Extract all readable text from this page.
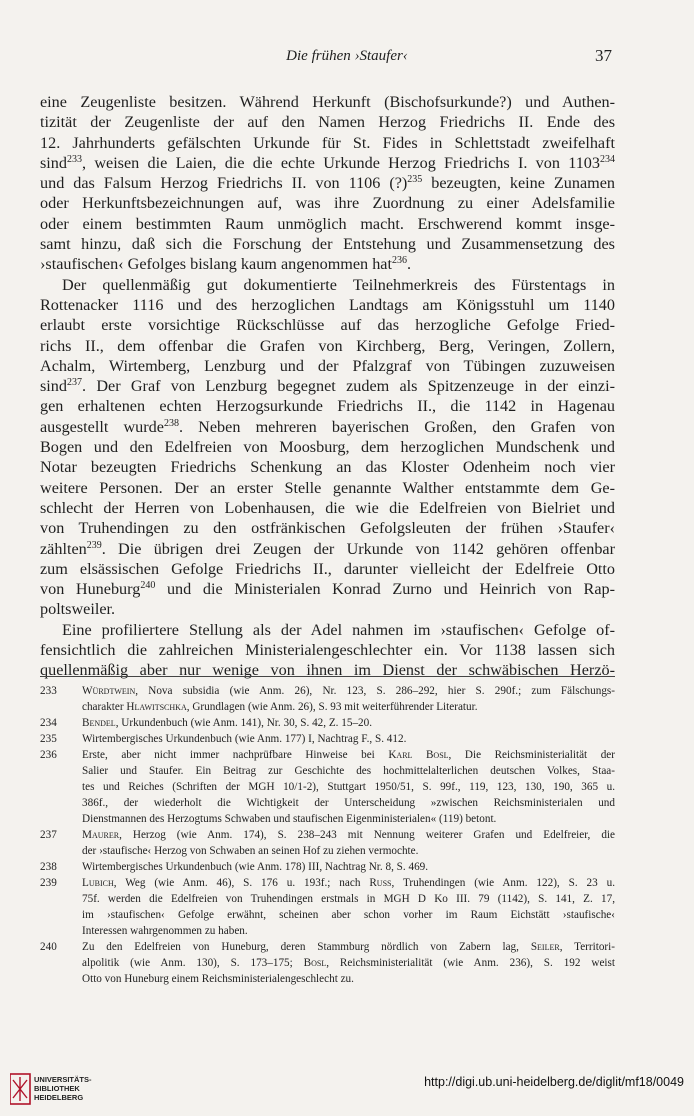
Die frühen ›Staufer‹	37
eine Zeugenliste besitzen. Während Herkunft (Bischofsurkunde?) und Authen-
tizität der Zeugenliste der auf den Namen Herzog Friedrichs II. Ende des
12. Jahrhunderts gefälschten Urkunde für St. Fides in Schlettstadt zweifelhaft
sind$^{233}$, weisen die Laien, die die echte Urkunde Herzog Friedrichs I. von 1103$^{234}$
und das Falsum Herzog Friedrichs II. von 1106 (?)$^{235}$ bezeugten, keine Zunamen
oder Herkunftsbezeichnungen auf, was ihre Zuordnung zu einer Adelsfamilie
oder einem bestimmten Raum unmöglich macht. Erschwerend kommt insge-
samt hinzu, daß sich die Forschung der Entstehung und Zusammensetzung des
›staufischen‹ Gefolges bislang kaum angenommen hat$^{236}$.
Der quellenmäßig gut dokumentierte Teilnehmerkreis des Fürstentags in
Rottenacker 1116 und des herzoglichen Landtags am Königsstuhl um 1140
erlaubt erste vorsichtige Rückschlüsse auf das herzogliche Gefolge Fried-
richs II., dem offenbar die Grafen von Kirchberg, Berg, Veringen, Zollern,
Achalm, Wirtemberg, Lenzburg und der Pfalzgraf von Tübingen zuzuweisen
sind$^{237}$. Der Graf von Lenzburg begegnet zudem als Spitzenzeuge in der einzi-
gen erhaltenen echten Herzogsurkunde Friedrichs II., die 1142 in Hagenau
ausgestellt wurde$^{238}$. Neben mehreren bayerischen Großen, den Grafen von
Bogen und den Edelfreien von Moosburg, dem herzoglichen Mundschenk und
Notar bezeugten Friedrichs Schenkung an das Kloster Odenheim noch vier
weitere Personen. Der an erster Stelle genannte Walther entstammte dem Ge-
schlecht der Herren von Lobenhausen, die wie die Edelfreien von Bielriet und
von Truhendingen zu den ostfränkischen Gefolgsleuten der frühen ›Staufer‹
zählten$^{239}$. Die übrigen drei Zeugen der Urkunde von 1142 gehören offenbar
zum elsässischen Gefolge Friedrichs II., darunter vielleicht der Edelfreie Otto
von Huneburg$^{240}$ und die Ministerialen Konrad Zurno und Heinrich von Rap-
poltsweiler.
Eine profiliertere Stellung als der Adel nahmen im ›staufischen‹ Gefolge of-
fensichtlich die zahlreichen Ministerialengeschlechter ein. Vor 1138 lassen sich
quellenmäßig aber nur wenige von ihnen im Dienst der schwäbischen Herzö-
233 Würdtwein, Nova subsidia (wie Anm. 26), Nr. 123, S. 286–292, hier S. 290f.; zum Fälschungs-
charakter Hlawitschka, Grundlagen (wie Anm. 26), S. 93 mit weiterführender Literatur.
234 Bendel, Urkundenbuch (wie Anm. 141), Nr. 30, S. 42, Z. 15–20.
235 Wirtembergisches Urkundenbuch (wie Anm. 177) I, Nachtrag F., S. 412.
236 Erste, aber nicht immer nachprüfbare Hinweise bei Karl Bosl, Die Reichsministerialität der
Salier und Staufer. Ein Beitrag zur Geschichte des hochmittelalterlichen deutschen Volkes, Staa-
tes und Reiches (Schriften der MGH 10/1-2), Stuttgart 1950/51, S. 99f., 119, 123, 130, 190, 365 u.
386f., der wiederholt die Wichtigkeit der Unterscheidung »zwischen Reichsministerialen und
Dienstmannen des Herzogtums Schwaben und staufischen Eigenministerialen« (119) betont.
237 Maurer, Herzog (wie Anm. 174), S. 238–243 mit Nennung weiterer Grafen und Edelfreier, die
der ›staufische‹ Herzog von Schwaben an seinen Hof zu ziehen vermochte.
238 Wirtembergisches Urkundenbuch (wie Anm. 178) III, Nachtrag Nr. 8, S. 469.
239 Lubich, Weg (wie Anm. 46), S. 176 u. 193f.; nach Russ, Truhendingen (wie Anm. 122), S. 23 u.
75f. werden die Edelfreien von Truhendingen erstmals in MGH D Ko III. 79 (1142), S. 141, Z. 17,
im ›staufischen‹ Gefolge erwähnt, scheinen aber schon vorher im Raum Eichstätt ›staufische‹
Interessen wahrgenommen zu haben.
240 Zu den Edelfreien von Huneburg, deren Stammburg nördlich von Zabern lag, Seiler, Territori-
alpolitik (wie Anm. 130), S. 173–175; Bosl, Reichsministerialität (wie Anm. 236), S. 192 weist
Otto von Huneburg einem Reichsministerialengeschlecht zu.
UNIVERSITÄTS-
BIBLIOTHEK
HEIDELBERG
http://digi.ub.uni-heidelberg.de/diglit/mf18/0049
